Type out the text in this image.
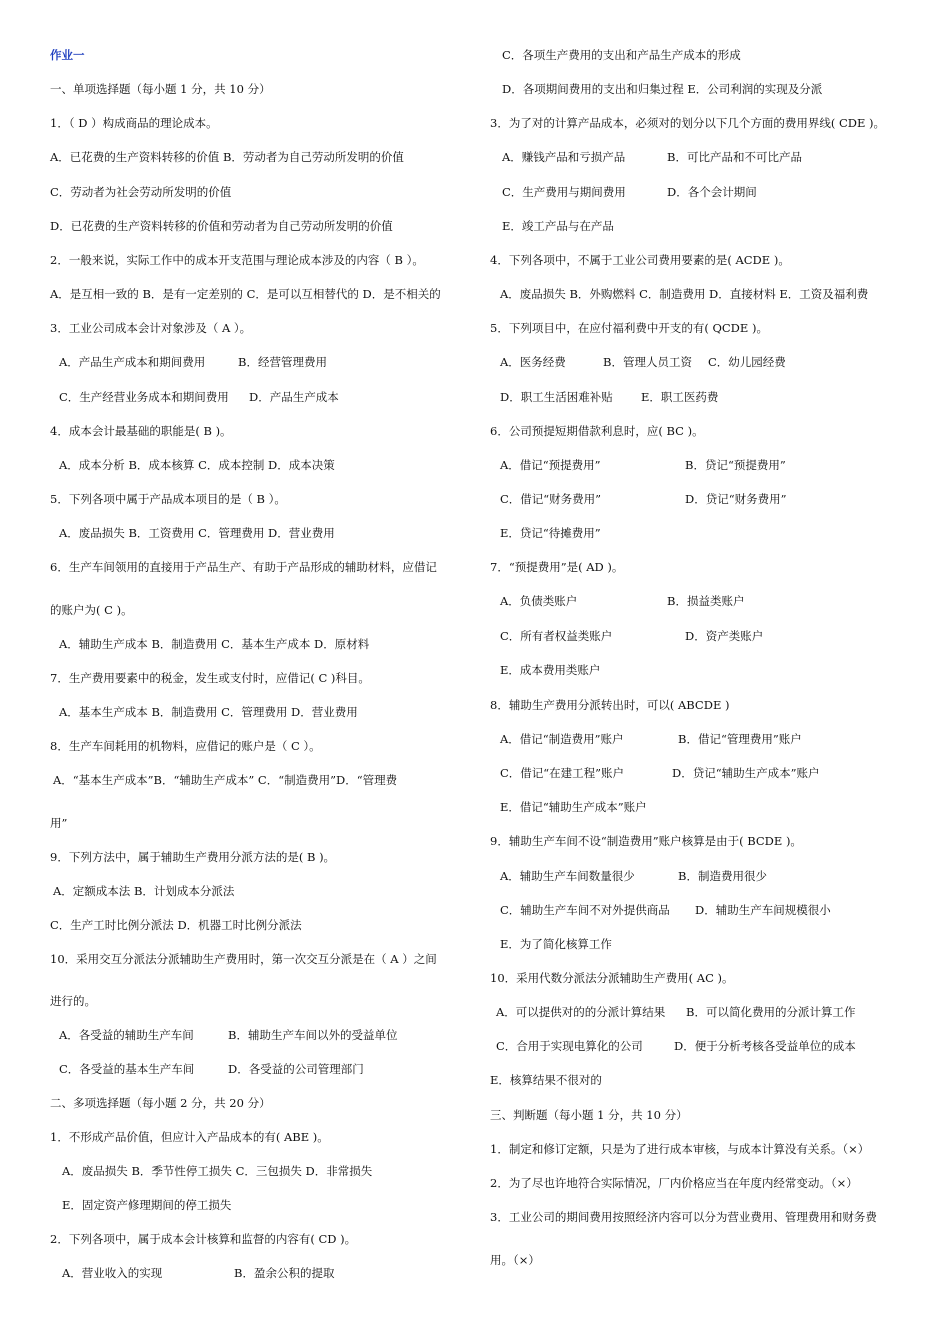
作业一
一、单项选择题（每小题 1 分，共 10 分）
1．（ D ）构成商品的理论成本。
A．已花费的生产资料转移的价值 B．劳动者为自己劳动所发明的价值
C．劳动者为社会劳动所发明的价值
D．已花费的生产资料转移的价值和劳动者为自己劳动所发明的价值
2．一般来说，实际工作中的成本开支范围与理论成本涉及的内容（ B ）。
A．是互相一致的 B．是有一定差别的 C．是可以互相替代的 D．是不相关的
3．工业公司成本会计对象涉及（ A ）。
A．产品生产成本和期间费用	B．经营管理费用
C．生产经营业务成本和期间费用 D．产品生产成本
4．成本会计最基础的职能是( B )。
A．成本分析 B．成本核算 C．成本控制 D．成本决策
5．下列各项中属于产品成本项目的是（ B ）。
A．废品损失 B．工资费用 C．管理费用 D．营业费用
6．生产车间领用的直接用于产品生产、有助于产品形成的辅助材料，应借记
的账户为( C )。
A．辅助生产成本 B．制造费用 C．基本生产成本 D．原材料
7．生产费用要素中的税金，发生或支付时，应借记( C )科目。
A．基本生产成本 B．制造费用 C．管理费用 D．营业费用
8．生产车间耗用的机物料，应借记的账户是（ C ）。
A．“基本生产成本”B．“辅助生产成本” C．“制造费用”D．“管理费
用”
9．下列方法中，属于辅助生产费用分派方法的是( B )。
A．定额成本法 B．计划成本分派法
C．生产工时比例分派法 D．机器工时比例分派法
10．采用交互分派法分派辅助生产费用时，第一次交互分派是在（ A ）之间
进行的。
A．各受益的辅助生产车间	B．辅助生产车间以外的受益单位
C．各受益的基本生产车间	D．各受益的公司管理部门
二、多项选择题（每小题 2 分，共 20 分）
1．不形成产品价值，但应计入产品成本的有( ABE )。
A．废品损失 B．季节性停工损失 C．三包损失 D．非常损失
E．固定资产修理期间的停工损失
2．下列各项中，属于成本会计核算和监督的内容有( CD )。
A．营业收入的实现	B．盈余公积的提取
C．各项生产费用的支出和产品生产成本的形成
D．各项期间费用的支出和归集过程 E．公司利润的实现及分派
3．为了对的计算产品成本，必须对的划分以下几个方面的费用界线( CDE )。
A．赚钱产品和亏损产品	B．可比产品和不可比产品
C．生产费用与期间费用	D．各个会计期间
E．竣工产品与在产品
4．下列各项中，不属于工业公司费用要素的是( ACDE )。
A．废品损失 B．外购燃料 C．制造费用 D．直接材料 E．工资及福利费
5．下列项目中，在应付福利费中开支的有( QCDE )。
A．医务经费	B．管理人员工资 C．幼儿园经费
D．职工生活困难补贴 E．职工医药费
6．公司预提短期借款利息时，应( BC )。
A．借记“预提费用”	B．贷记“预提费用”
C．借记“财务费用”	D．贷记“财务费用”
E．贷记“待摊费用”
7．“预提费用”是( AD )。
A．负债类账户	B．损益类账户
C．所有者权益类账户	D．资产类账户
E．成本费用类账户
8．辅助生产费用分派转出时，可以( ABCDE )
A．借记“制造费用”账户	B．借记“管理费用”账户
C．借记“在建工程”账户	D．贷记“辅助生产成本”账户
E．借记“辅助生产成本”账户
9．辅助生产车间不设“制造费用”账户核算是由于( BCDE )。
A．辅助生产车间数量很少	B．制造费用很少
C．辅助生产车间不对外提供商品 D．辅助生产车间规模很小
E．为了简化核算工作
10．采用代数分派法分派辅助生产费用( AC )。
A．可以提供对的的分派计算结果 B．可以简化费用的分派计算工作
C．合用于实现电算化的公司	D．便于分析考核各受益单位的成本
E．核算结果不很对的
三、判断题（每小题 1 分，共 10 分）
1．制定和修订定额，只是为了进行成本审核，与成本计算没有关系。（×）
2．为了尽也许地符合实际情况，厂内价格应当在年度内经常变动。（×）
3．工业公司的期间费用按照经济内容可以分为营业费用、管理费用和财务费
用。（×）
